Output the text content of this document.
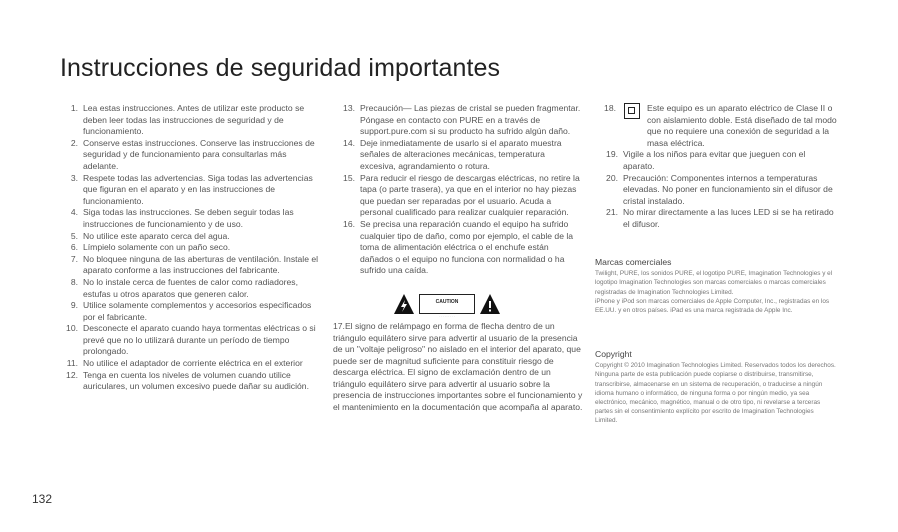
Instrucciones de seguridad importantes
1. Lea estas instrucciones. Antes de utilizar este producto se deben leer todas las instrucciones de seguridad y de funcionamiento.
2. Conserve estas instrucciones. Conserve las instrucciones de seguridad y de funcionamiento para consultarlas más adelante.
3. Respete todas las advertencias. Siga todas las advertencias que figuran en el aparato y en las instrucciones de funcionamiento.
4. Siga todas las instrucciones. Se deben seguir todas las instrucciones de funcionamiento y de uso.
5. No utilice este aparato cerca del agua.
6. Límpielo solamente con un paño seco.
7. No bloquee ninguna de las aberturas de ventilación. Instale el aparato conforme a las instrucciones del fabricante.
8. No lo instale cerca de fuentes de calor como radiadores, estufas u otros aparatos que generen calor.
9. Utilice solamente complementos y accesorios especificados por el fabricante.
10. Desconecte el aparato cuando haya tormentas eléctricas o si prevé que no lo utilizará durante un período de tiempo prolongado.
11. No utilice el adaptador de corriente eléctrica en el exterior
12. Tenga en cuenta los niveles de volumen cuando utilice auriculares, un volumen excesivo puede dañar su audición.
13. Precaución— Las piezas de cristal se pueden fragmentar. Póngase en contacto con PURE en a través de support.pure.com si su producto ha sufrido algún daño.
14. Deje inmediatamente de usarlo si el aparato muestra señales de alteraciones mecánicas, temperatura excesiva, agrandamiento o rotura.
15. Para reducir el riesgo de descargas eléctricas, no retire la tapa (o parte trasera), ya que en el interior no hay piezas que puedan ser reparadas por el usuario. Acuda a personal cualificado para realizar cualquier reparación.
16. Se precisa una reparación cuando el equipo ha sufrido cualquier tipo de daño, como por ejemplo, el cable de la toma de alimentación eléctrica o el enchufe están dañados o el equipo no funciona con normalidad o ha sufrido una caída.
CAUTION
· · · · · · · · ·
17.El signo de relámpago en forma de flecha dentro de un triángulo equilátero sirve para advertir al usuario de la presencia de un "voltaje peligroso" no aislado en el interior del aparato, que puede ser de magnitud suficiente para constituir riesgo de descarga eléctrica. El signo de exclamación dentro de un triángulo equilátero sirve para advertir al usuario sobre la presencia de instrucciones importantes sobre el funcionamiento y el mantenimiento en la documentación que acompaña al aparato.
18.	Este equipo es un aparato eléctrico de Clase II o con aislamiento doble. Está diseñado de tal modo que no requiere una conexión de seguridad a la masa eléctrica.
19. Vigile a los niños para evitar que jueguen con el aparato.
20. Precaución: Componentes internos a temperaturas elevadas. No poner en funcionamiento sin el difusor de cristal instalado.
21. No mirar directamente a las luces LED si se ha retirado el difusor.
Marcas comerciales
Twilight, PURE, los sonidos PURE, el logotipo PURE, Imagination Technologies y el logotipo Imagination Technologies son marcas comerciales o marcas comerciales registradas de Imagination Technologies Limited.
iPhone y iPod son marcas comerciales de Apple Computer, Inc., registradas en los EE.UU. y en otros países. iPad es una marca registrada de Apple Inc.
Copyright
Copyright © 2010 Imagination Technologies Limited. Reservados todos los derechos. Ninguna parte de esta publicación puede copiarse o distribuirse, transmitirse, transcribirse, almacenarse en un sistema de recuperación, o traducirse a ningún idioma humano o informático, de ninguna forma o por ningún medio, ya sea electrónico, mecánico, magnético, manual o de otro tipo, ni revelarse a terceras partes sin el consentimiento explícito por escrito de Imagination Technologies Limited.
132
